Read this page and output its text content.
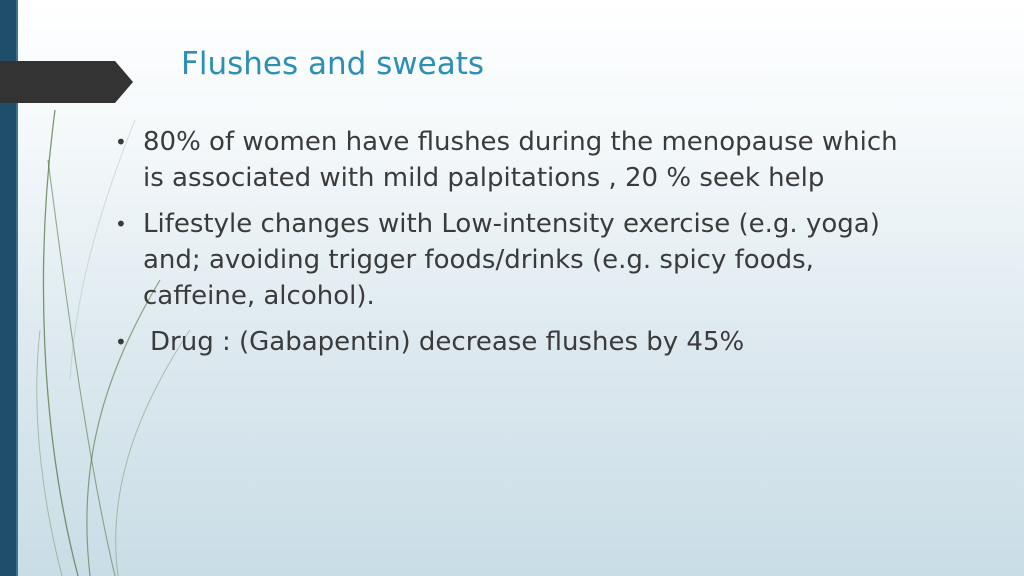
Flushes and sweats
• 80% of women have flushes during the menopause which is associated with mild palpitations , 20 % seek help
• Lifestyle changes with Low-intensity exercise (e.g. yoga) and; avoiding trigger foods/drinks (e.g. spicy foods, caffeine, alcohol).
• Drug : (Gabapentin) decrease flushes by 45%
